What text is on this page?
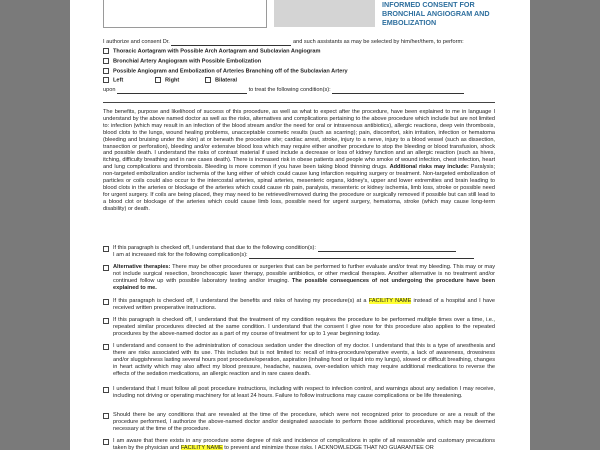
INFORMED CONSENT FOR
BRONCHIAL ANGIOGRAM AND
EMBOLIZATION
I authorize and consent Dr.	and such assistants as may be selected by him/her/them, to perform:
Thoracic Aortagram with Possible Arch Aortagram and Subclavian Angiogram
Bronchial Artery Angiogram with Possible Embolization
Possible Angiogram and Embolization of Arteries Branching off of the Subclavian Artery
Left	Right	Bilateral
upon	to treat the following condition(s):
The benefits, purpose and likelihood of success of this procedure, as well as what to expect after the procedure, have been explained to me in language I understand by the above named doctor as well as the risks, alternatives and complications pertaining to the above procedure which include but are not limited to: infection (which may result in an infection of the blood stream and/or the need for oral or intravenous antibiotics), allergic reactions, deep vein thrombosis, blood clots to the lungs, wound healing problems, unacceptable cosmetic results (such as scarring); pain, discomfort, skin irritation, infection or hematoma (bleeding and bruising under the skin) at or beneath the procedure site; cardiac arrest, stroke, injury to a nerve, injury to a blood vessel (such as dissection, transection or perforation), bleeding and/or extensive blood loss which may require either another procedure to stop the bleeding or blood transfusion, shock and possible death. I understand the risks of contrast material if used include a decrease or loss of kidney function and an allergic reaction (such as hives, itching, difficulty breathing and in rare cases death). There is increased risk in obese patients and people who smoke of wound infection, chest infection, heart and lung complications and thrombosis. Bleeding is more common if you have been taking blood thinning drugs. Additional risks may include: Paralysis; non-targeted embolization and/or ischemia of the lung either of which could cause lung infarction requiring surgery or treatment. Non-targeted embolization of particles or coils could also occur to the intercostal arteries, spinal arteries, mesenteric organs, kidney's, upper and lower extremities and brain leading to blood clots in the arteries or blockage of the arteries which could cause rib pain, paralysis, mesenteric or kidney ischemia, limb loss, stroke or possible need for urgent surgery. If coils are being placed, they may need to be retrieved/removed during the procedure or surgically removed if possible but can still lead to a blood clot or blockage of the arteries which could cause limb loss, possible need for urgent surgery, hematoma, stroke (which may cause long-term disability) or death.
If this paragraph is checked off, I understand that due to the following condition(s):
I am at increased risk for the following complication(s):
Alternative therapies: There may be other procedures or surgeries that can be performed to further evaluate and/or treat my bleeding. This may or may not include surgical resection, bronchoscopic laser therapy, possible antibiotics, or other medical therapies. Another alternative is no treatment and/or continued follow up with possible laboratory testing and/or imaging. The possible consequences of not undergoing the procedure have been explained to me.
If this paragraph is checked off, I understand the benefits and risks of having my procedure(s) at a FACILITY NAME instead of a hospital and I have received written preoperative instructions.
If this paragraph is checked off, I understand that the treatment of my condition requires the procedure to be performed multiple times over a time, i.e., repeated similar procedures directed at the same condition. I understand that the consent I give now for this procedure also applies to the repeated procedures by the above-named doctor as a part of my course of treatment for up to 1 year beginning today.
I understand and consent to the administration of conscious sedation under the direction of my doctor. I understand that this is a type of anesthesia and there are risks associated with its use. This includes but is not limited to: recall of intra-procedure/operative events, a lack of awareness, drowsiness and/or sluggishness lasting several hours post procedure/operation, aspiration (inhaling food or liquid into my lungs), slowed or difficult breathing, changes in heart activity which may also affect my blood pressure, headache, nausea, over-sedation which may require additional medications to reverse the effects of the sedation medications, an allergic reaction and in rare cases death.
I understand that I must follow all post procedure instructions, including with respect to infection control, and warnings about any sedation I may receive, including not driving or operating machinery for at least 24 hours. Failure to follow instructions may cause complications or be life threatening.
Should there be any conditions that are revealed at the time of the procedure, which were not recognized prior to procedure or are a result of the procedure performed, I authorize the above-named doctor and/or designated associate to perform those additional procedures, which may be deemed necessary at the time of the procedure.
I am aware that there exists in any procedure some degree of risk and incidence of complications in spite of all reasonable and customary precautions taken by the physician and FACILITY NAME to prevent and minimize those risks. I ACKNOWLEDGE THAT NO GUARANTEE OR
